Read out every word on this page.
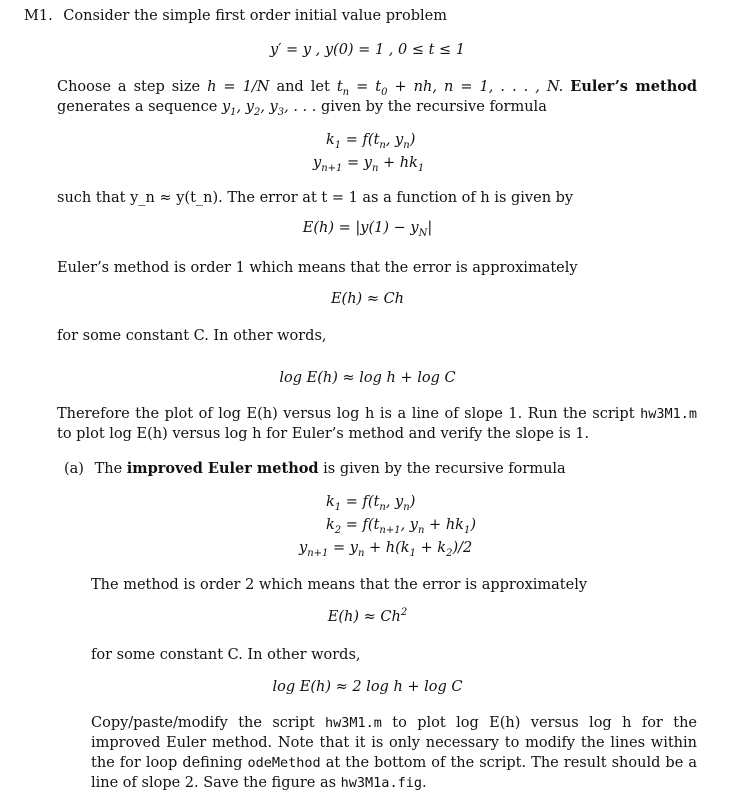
M1. Consider the simple first order initial value problem
y′ = y , y(0) = 1 , 0 ≤ t ≤ 1
Choose a step size h = 1/N and let $t_n = t_0$ + nh, n = 1, . . . , N. Euler’s method generates a sequence $y_1$, $y_2$, $y_3$, . . . given by the recursive formula
$k_1 = f(t_n$, $y_n$)
$y_{n+1} = y_n + hk_1$
such that y_n ≈ y(t_n). The error at t = 1 as a function of h is given by
$E(h) = |y(1) - y_N|$
Euler’s method is order 1 which means that the error is approximately
E(h) ≈ Ch
for some constant C. In other words,
log E(h) ≈ log h + log C
Therefore the plot of log E(h) versus log h is a line of slope 1. Run the script hw3M1.m to plot log E(h) versus log h for Euler’s method and verify the slope is 1.
(a) The improved Euler method is given by the recursive formula
$k_1 = f(t_n$, $y_n$)
$k_2 = f(t_{n+1}$, $y_n + hk_1$)
$y_{n+1} = y_n + h(k_1 + k_2)/2$
The method is order 2 which means that the error is approximately
$E(h) \approx Ch^2$
for some constant C. In other words,
log E(h) ≈ 2 log h + log C
Copy/paste/modify the script hw3M1.m to plot log E(h) versus log h for the improved Euler method. Note that it is only necessary to modify the lines within the for loop defining odeMethod at the bottom of the script. The result should be a line of slope 2. Save the figure as hw3M1a.fig.
